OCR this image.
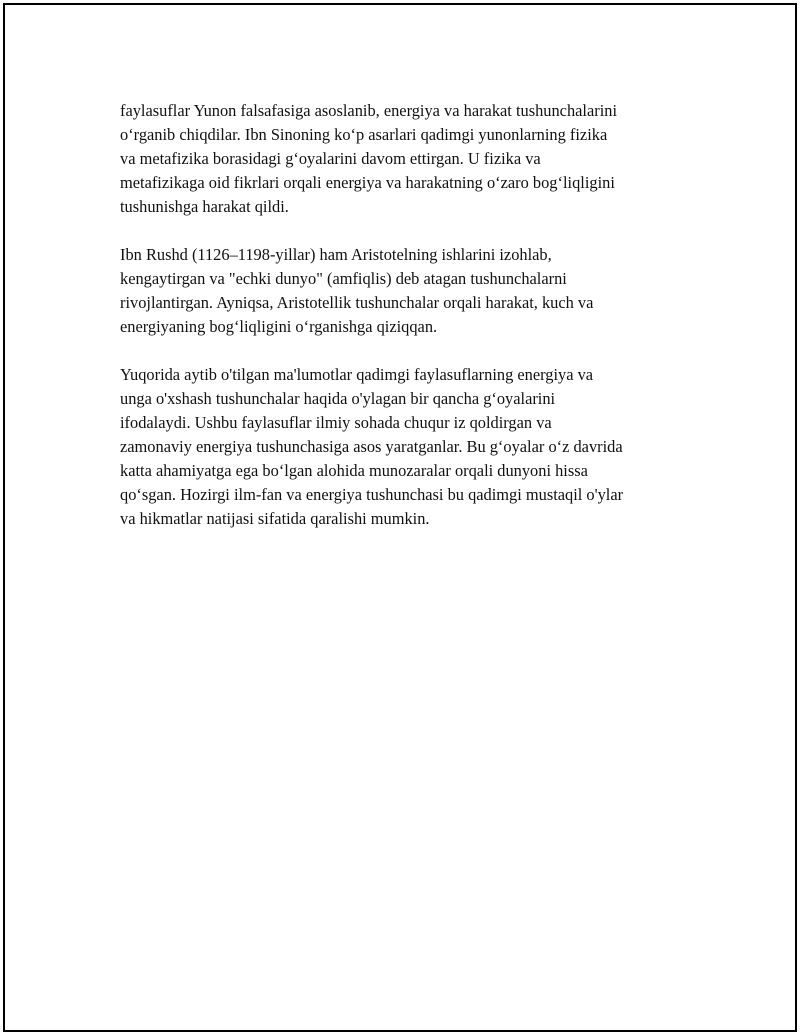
faylasuflar Yunon falsafasiga asoslanib, energiya va harakat tushunchalarini
o‘rganib chiqdilar. Ibn Sinoning ko‘p asarlari qadimgi yunonlarning fizika
va metafizika borasidagi g‘oyalarini davom ettirgan. U fizika va
metafizikaga oid fikrlari orqali energiya va harakatning o‘zaro bog‘liqligini
tushunishga harakat qildi.

Ibn Rushd (1126–1198-yillar) ham Aristotelning ishlarini izohlab,
kengaytirgan va "echki dunyo" (amfiqlis) deb atagan tushunchalarni
rivojlantirgan. Ayniqsa, Aristotellik tushunchalar orqali harakat, kuch va
energiyaning bog‘liqligini o‘rganishga qiziqqan.

Yuqorida aytib o'tilgan ma'lumotlar qadimgi faylasuflarning energiya va
unga o'xshash tushunchalar haqida o'ylagan bir qancha g‘oyalarini
ifodalaydi. Ushbu faylasuflar ilmiy sohada chuqur iz qoldirgan va
zamonaviy energiya tushunchasiga asos yaratganlar. Bu g‘oyalar o‘z davrida
katta ahamiyatga ega bo‘lgan alohida munozaralar orqali dunyoni hissa
qo‘sgan. Hozirgi ilm-fan va energiya tushunchasi bu qadimgi mustaqil o'ylar
va hikmatlar natijasi sifatida qaralishi mumkin.
